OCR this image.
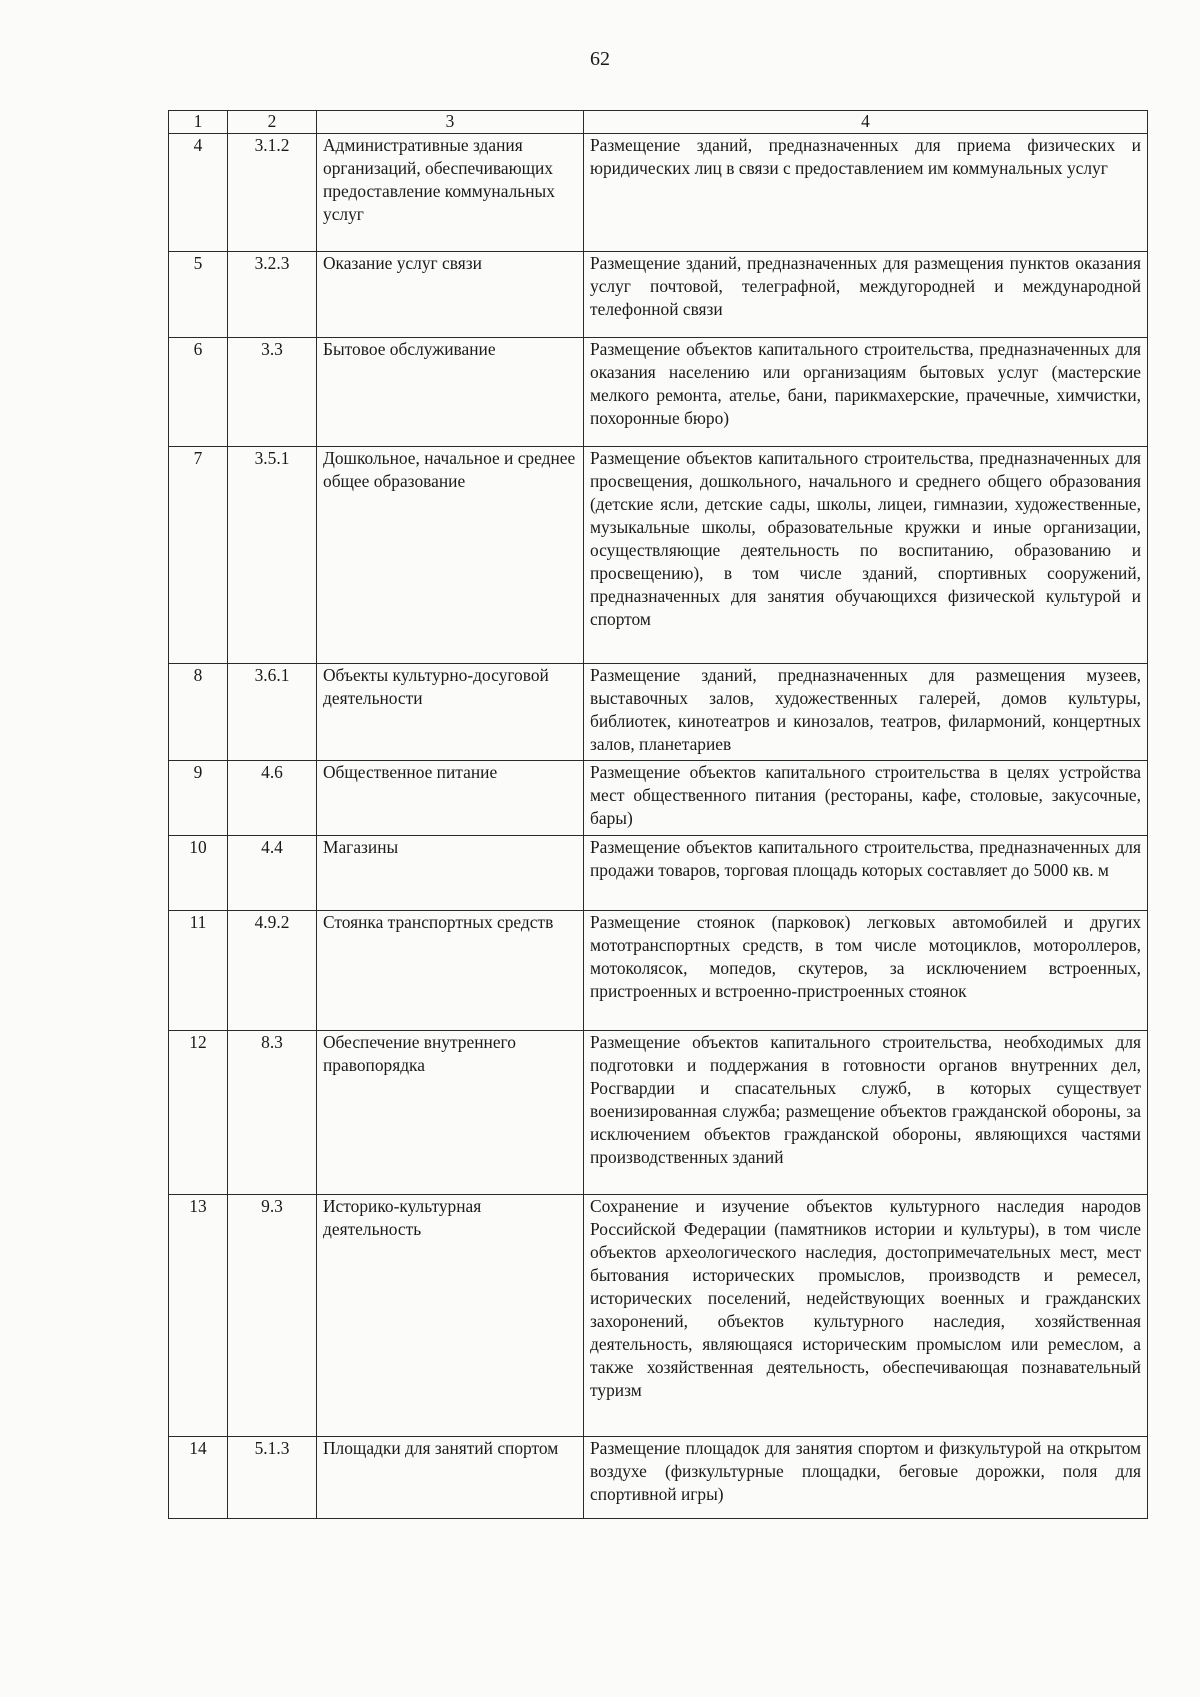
62
1	2	3	4
4	3.1.2	Административные здания организаций, обеспечивающих предоставление коммунальных услуг	Размещение зданий, предназначенных для приема физических и юридических лиц в связи с предоставлением им коммунальных услуг
5	3.2.3	Оказание услуг связи	Размещение зданий, предназначенных для размещения пунктов оказания услуг почтовой, телеграфной, междугородней и международной телефонной связи
6	3.3	Бытовое обслуживание	Размещение объектов капитального строительства, предназначенных для оказания населению или организациям бытовых услуг (мастерские мелкого ремонта, ателье, бани, парикмахерские, прачечные, химчистки, похоронные бюро)
7	3.5.1	Дошкольное, начальное и среднее общее образование	Размещение объектов капитального строительства, предназначенных для просвещения, дошкольного, начального и среднего общего образования (детские ясли, детские сады, школы, лицеи, гимназии, художественные, музыкальные школы, образовательные кружки и иные организации, осуществляющие деятельность по воспитанию, образованию и просвещению), в том числе зданий, спортивных сооружений, предназначенных для занятия обучающихся физической культурой и спортом
8	3.6.1	Объекты культурно-досуговой деятельности	Размещение зданий, предназначенных для размещения музеев, выставочных залов, художественных галерей, домов культуры, библиотек, кинотеатров и кинозалов, театров, филармоний, концертных залов, планетариев
9	4.6	Общественное питание	Размещение объектов капитального строительства в целях устройства мест общественного питания (рестораны, кафе, столовые, закусочные, бары)
10	4.4	Магазины	Размещение объектов капитального строительства, предназначенных для продажи товаров, торговая площадь которых составляет до 5000 кв. м
11	4.9.2	Стоянка транспортных средств	Размещение стоянок (парковок) легковых автомобилей и других мототранспортных средств, в том числе мотоциклов, мотороллеров, мотоколясок, мопедов, скутеров, за исключением встроенных, пристроенных и встроенно-пристроенных стоянок
12	8.3	Обеспечение внутреннего правопорядка	Размещение объектов капитального строительства, необходимых для подготовки и поддержания в готовности органов внутренних дел, Росгвардии и спасательных служб, в которых существует военизированная служба; размещение объектов гражданской обороны, за исключением объектов гражданской обороны, являющихся частями производственных зданий
13	9.3	Историко-культурная деятельность	Сохранение и изучение объектов культурного наследия народов Российской Федерации (памятников истории и культуры), в том числе объектов археологического наследия, достопримечательных мест, мест бытования исторических промыслов, производств и ремесел, исторических поселений, недействующих военных и гражданских захоронений, объектов культурного наследия, хозяйственная деятельность, являющаяся историческим промыслом или ремеслом, а также хозяйственная деятельность, обеспечивающая познавательный туризм
14	5.1.3	Площадки для занятий спортом	Размещение площадок для занятия спортом и физкультурой на открытом воздухе (физкультурные площадки, беговые дорожки, поля для спортивной игры)
